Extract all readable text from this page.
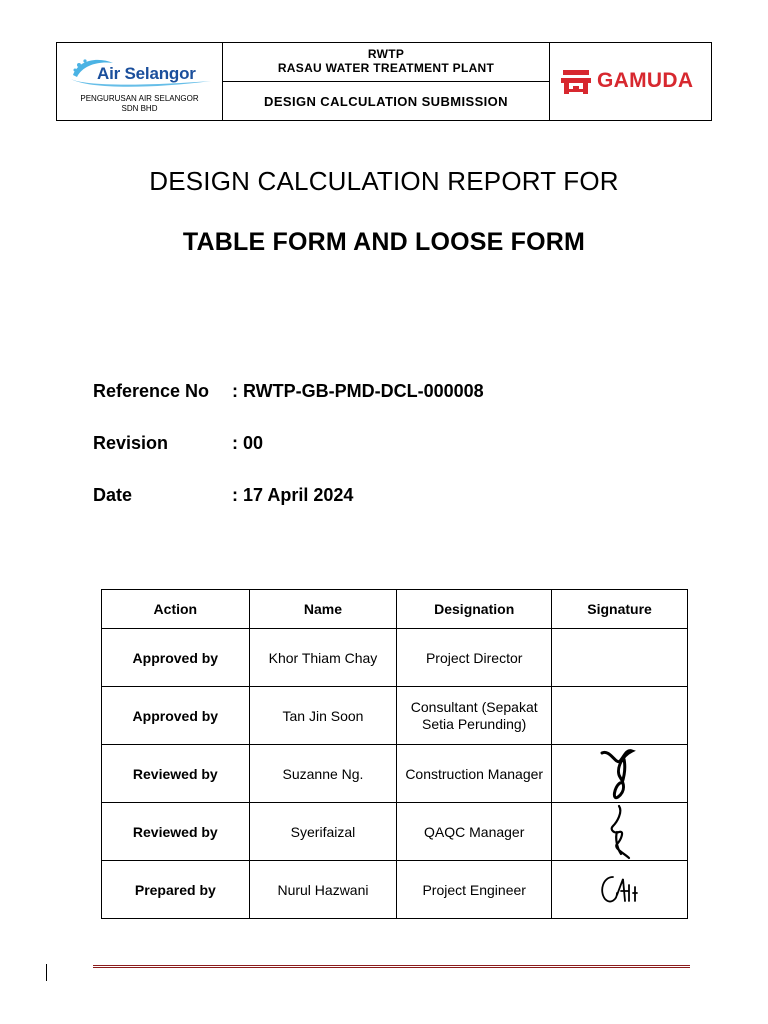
Air Selangor
PENGURUSAN AIR SELANGOR
SDN BHD
RWTP
RASAU WATER TREATMENT PLANT
DESIGN CALCULATION SUBMISSION
GAMUDA
DESIGN CALCULATION REPORT FOR
TABLE FORM AND LOOSE FORM
Reference No : RWTP-GB-PMD-DCL-000008
Revision	: 00
Date	: 17 April 2024
Action	Name	Designation	Signature
Approved by	Khor Thiam Chay	Project Director	
Approved by	Tan Jin Soon	Consultant (Sepakat Setia Perunding)	
Reviewed by	Suzanne Ng.	Construction Manager	

Reviewed by	Syerifaizal	QAQC Manager	

Prepared by	Nurul Hazwani	Project Engineer	
